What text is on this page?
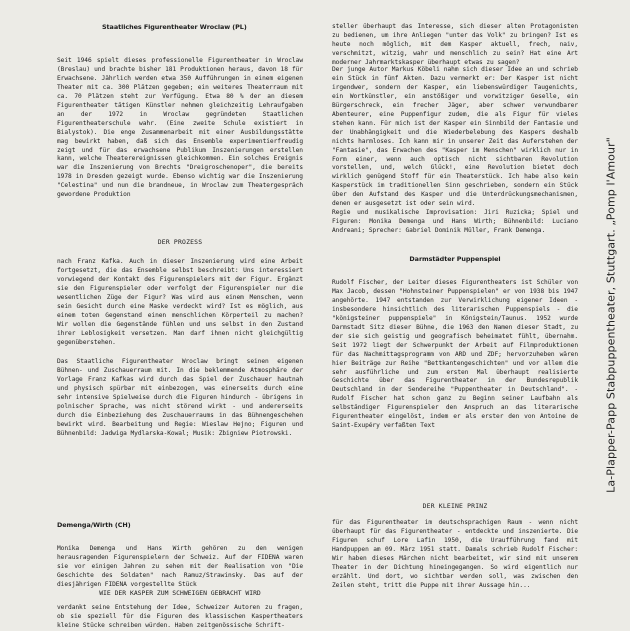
Staatliches Figurentheater Wroclaw (PL)

Seit 1946 spielt dieses professionelle Figurentheater in Wroclaw (Breslau) und brachte bisher 181 Produktionen heraus, davon 18 für Erwachsene. Jährlich werden etwa 350 Aufführungen in einem eigenen Theater mit ca. 300 Plätzen gegeben; ein weiteres Theaterraum mit ca. 70 Plätzen steht zur Verfügung. Etwa 80 % der an diesem Figurentheater tätigen Künstler nehmen gleichzeitig Lehraufgaben an der 1972 in Wroclaw gegründeten Staatlichen Figurentheaterschule wahr. (Eine zweite Schule existiert in Bialystok). Die enge Zusammenarbeit mit einer Ausbildungsstätte mag bewirkt haben, daß sich das Ensemble experimentierfreudig zeigt und für das erwachsene Publikum Inszenierungen erstellen kann, welche Theaterereignissen gleichkommen. Ein solches Ereignis war die Inszenierung von Brechts "Dreigroschenoper", die bereits 1978 in Dresden gezeigt wurde. Ebenso wichtig war die Inszenierung "Celestina" und nun die brandneue, in Wroclaw zum Theatergespräch gewordene Produktion

DER PROZESS

nach Franz Kafka. Auch in dieser Inszenierung wird eine Arbeit fortgesetzt, die das Ensemble selbst beschreibt: Uns interessiert vorwiegend der Kontakt des Figurenspielers mit der Figur. Ergänzt sie den Figurenspieler oder verfolgt der Figurenspieler nur die wesentlichen Züge der Figur? Was wird aus einem Menschen, wenn sein Gesicht durch eine Maske verdeckt wird? Ist es möglich, aus einem toten Gegenstand einen menschlichen Körperteil zu machen? Wir wollen die Gegenstände fühlen und uns selbst in den Zustand ihrer Leblosigkeit versetzen. Man darf ihnen nicht gleichgültig gegenüberstehen.

Das Staatliche Figurentheater Wroclaw bringt seinen eigenen Bühnen- und Zuschauerraum mit. In die beklemmende Atmosphäre der Vorlage Franz Kafkas wird durch das Spiel der Zuschauer hautnah und physisch spürbar mit einbezogen, was einerseits durch eine sehr intensive Spielweise durch die Figuren hindurch - übrigens in polnischer Sprache, was nicht störend wirkt - und andererseits durch die Einbeziehung des Zuschauerraums in das Bühnengeschehen bewirkt wird. Bearbeitung und Regie: Wieslaw Hejno; Figuren und Bühnenbild: Jadwiga Mydlarska-Kowal; Musik: Zbigniew Piotrowski.

Demenga/Wirth (CH)

Monika Demenga und Hans Wirth gehören zu den wenigen herausragenden Figurenspielern der Schweiz. Auf der FIDENA waren sie vor einigen Jahren zu sehen mit der Realisation von "Die Geschichte des Soldaten" nach Ramuz/Strawinsky. Das auf der diesjährigen FIDENA vorgestellte Stück

WIE DER KASPER ZUM SCHWEIGEN GEBRACHT WIRD

verdankt seine Entstehung der Idee, Schweizer Autoren zu fragen, ob sie speziell für die Figuren des klassischen Kaspertheaters kleine Stücke schreiben würden. Haben zeitgenössische Schrift-

steller überhaupt das Interesse, sich dieser alten Protagonisten zu bedienen, um ihre Anliegen "unter das Volk" zu bringen? Ist es heute noch möglich, mit dem Kasper aktuell, frech, naiv, verschmitzt, witzig, wahr und menschlich zu sein? Hat eine Art moderner Jahrmarktskasper überhaupt etwas zu sagen?

Der junge Autor Markus Köbeli nahm sich dieser Idee an und schrieb ein Stück in fünf Akten. Dazu vermerkt er: Der Kasper ist nicht irgendwer, sondern der Kasper, ein liebenswürdiger Taugenichts, ein Wortkünstler, ein anstößiger und vorwitziger Geselle, ein Bürgerschreck, ein frecher Jäger, aber schwer verwundbarer Abenteurer, eine Puppenfigur zudem, die als Figur für vieles stehen kann. Für mich ist der Kasper ein Sinnbild der Fantasie und der Unabhängigkeit und die Wiederbelebung des Kaspers deshalb nichts harmloses. Ich kann mir in unserer Zeit das Auferstehen der "Fantasie", das Erwachen des "Kasper im Menschen" wirklich nur in Form einer, wenn auch optisch nicht sichtbaren Revolution vorstellen, und, welch Glück!, eine Revolution bietet doch wirklich genügend Stoff für ein Theaterstück. Ich habe also kein Kasperstück im traditionellen Sinn geschrieben, sondern ein Stück über den Aufstand des Kasper und die Unterdrückungsmechanismen, denen er ausgesetzt ist oder sein wird.

Regie und musikalische Improvisation: Jiri Ruzicka; Spiel und Figuren: Monika Demenga und Hans Wirth; Bühnenbild: Luciano Andreani; Sprecher: Gabriel Dominik Müller, Frank Demenga.

Darmstädter Puppenspiel

Rudolf Fischer, der Leiter dieses Figurentheaters ist Schüler von Max Jacob, dessen "Hohnsteiner Puppenspielen" er von 1938 bis 1947 angehörte. 1947 entstanden zur Verwirklichung eigener Ideen - insbesondere hinsichtlich des literarischen Puppenspiels - die "königsteiner puppenspiele" in Königstein/Taunus. 1952 wurde Darmstadt Sitz dieser Bühne, die 1963 den Namen dieser Stadt, zu der sie sich geistig und geografisch beheimatet fühlt, übernahm. Seit 1972 liegt der Schwerpunkt der Arbeit auf Filmproduktionen für das Nachmittagsprogramm von ARD und ZDF; hervorzuheben wären hier Beiträge zur Reihe "Bettkantengeschichten" und vor allem die sehr ausführliche und zum ersten Mal überhaupt realisierte Geschichte über das Figurentheater in der Bundesrepublik Deutschland in der Sendereihe "Puppentheater in Deutschland". - Rudolf Fischer hat schon ganz zu Beginn seiner Laufbahn als selbständiger Figurenspieler den Anspruch an das literarische Figurentheater eingelöst, indem er als erster den von Antoine de Saint-Exupéry verfaßten Text

DER KLEINE PRINZ

für das Figurentheater im deutschsprachigen Raum - wenn nicht überhaupt für das Figurentheater - entdeckte und inszenierte. Die Figuren schuf Lore Lafin 1950, die Uraufführung fand mit Handpuppen am 09. März 1951 statt. Damals schrieb Rudolf Fischer: Wir haben dieses Märchen nicht bearbeitet, wir sind mit unserem Theater in der Dichtung hineingegangen. So wird eigentlich nur erzählt. Und dort, wo sichtbar werden soll, was zwischen den Zeilen steht, tritt die Puppe mit ihrer Aussage hin...

La-Plapper-Papp Stabpuppentheater, Stuttgart. „Pomp l'Amour"
